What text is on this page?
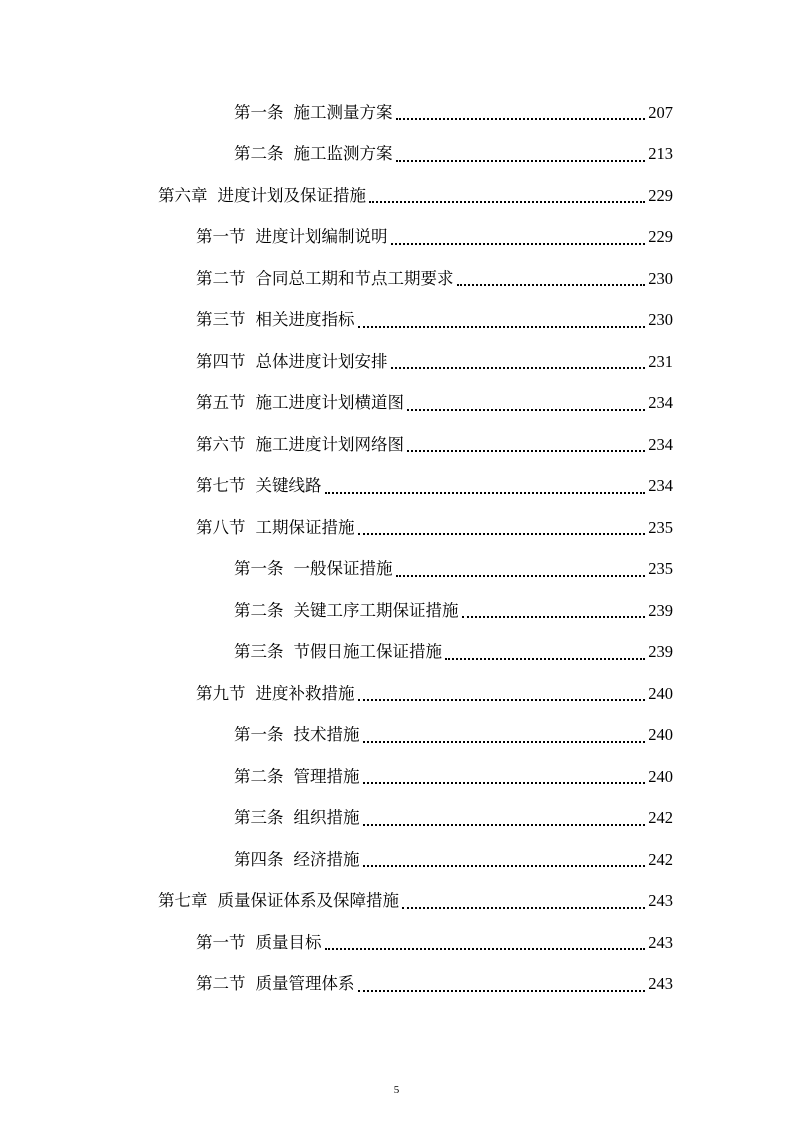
第一条 施工测量方案	207
第二条 施工监测方案	213
第六章 进度计划及保证措施	229
第一节 进度计划编制说明	229
第二节 合同总工期和节点工期要求	230
第三节 相关进度指标	230
第四节 总体进度计划安排	231
第五节 施工进度计划横道图	234
第六节 施工进度计划网络图	234
第七节 关键线路	234
第八节 工期保证措施	235
第一条 一般保证措施	235
第二条 关键工序工期保证措施	239
第三条 节假日施工保证措施	239
第九节 进度补救措施	240
第一条 技术措施	240
第二条 管理措施	240
第三条 组织措施	242
第四条 经济措施	242
第七章 质量保证体系及保障措施	243
第一节 质量目标	243
第二节 质量管理体系	243
5
